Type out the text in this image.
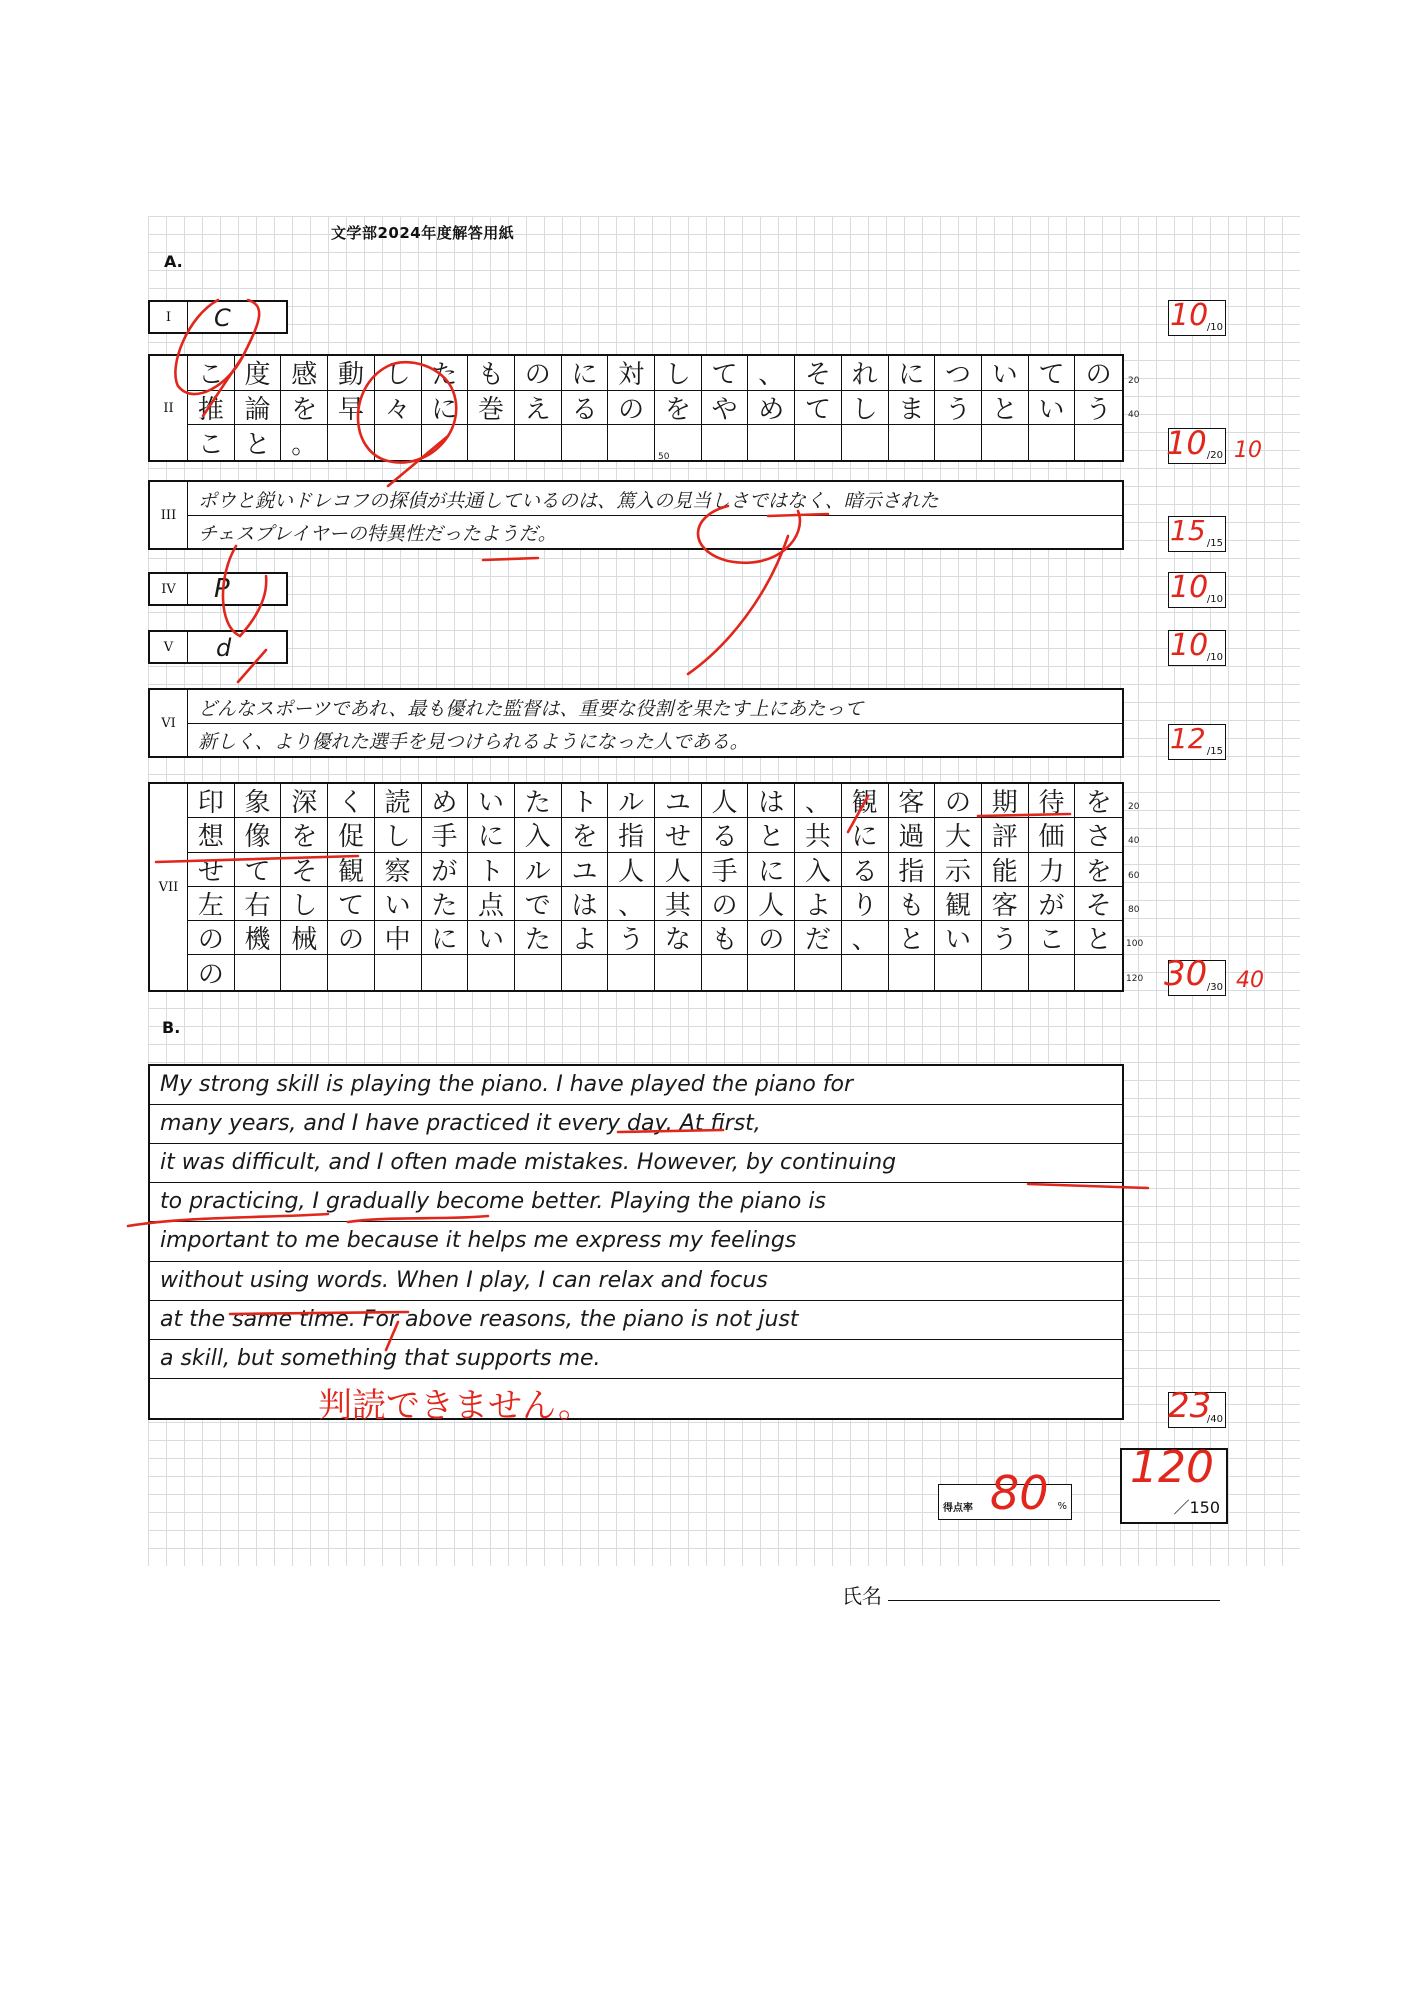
文学部2024年度解答用紙
A.
I	C	/10
10
II
こ 度 感 動 し た も の に 対 し て 、 そ れ に つ い て の
推 論 を 早 々 に 巻 え る の を や め て し ま う と い う
こ と 。
20
40
50	/20
10 10
III
ポウと鋭いドレコフの探偵が共通しているのは、篤入の見当しさではなく、暗示された
チェスプレイヤーの特異性だったようだ。	/15
15
IV	P	/10
10
V	d	/10
10
VI
どんなスポーツであれ、最も優れた監督は、重要な役割を果たす上にあたって
新しく、より優れた選手を見つけられるようになった人である。	/15
12
VII
印 象 深 く 読 め い た ト ル ユ 人 は 、 観 客 の 期 待 を
想 像 を 促 し 手 に 入 を 指 せ る と 共 に 過 大 評 価 さ
せ て そ 観 察 が ト ル ユ 人 人 手 に 入 る 指 示 能 力 を
左 右 し て い た 点 で は 、 其 の 人 よ り も 観 客 が そ
の 機 械 の 中 に い た よ う な も の だ 、 と い う こ と
の
20
40
60
80
100
120
/30
30 40
B.
My strong skill is playing the piano. I have played the piano for
many years, and I have practiced it every day. At first,
it was difficult, and I often made mistakes. However, by continuing
to practicing, I gradually become better. Playing the piano is
important to me because it helps me express my feelings
without using words. When I play, I can relax and focus
at the same time. For above reasons, the piano is not just
a skill, but something that supports me.
判読できません。	/40
23
得点率	%
80	／150
120
氏名
